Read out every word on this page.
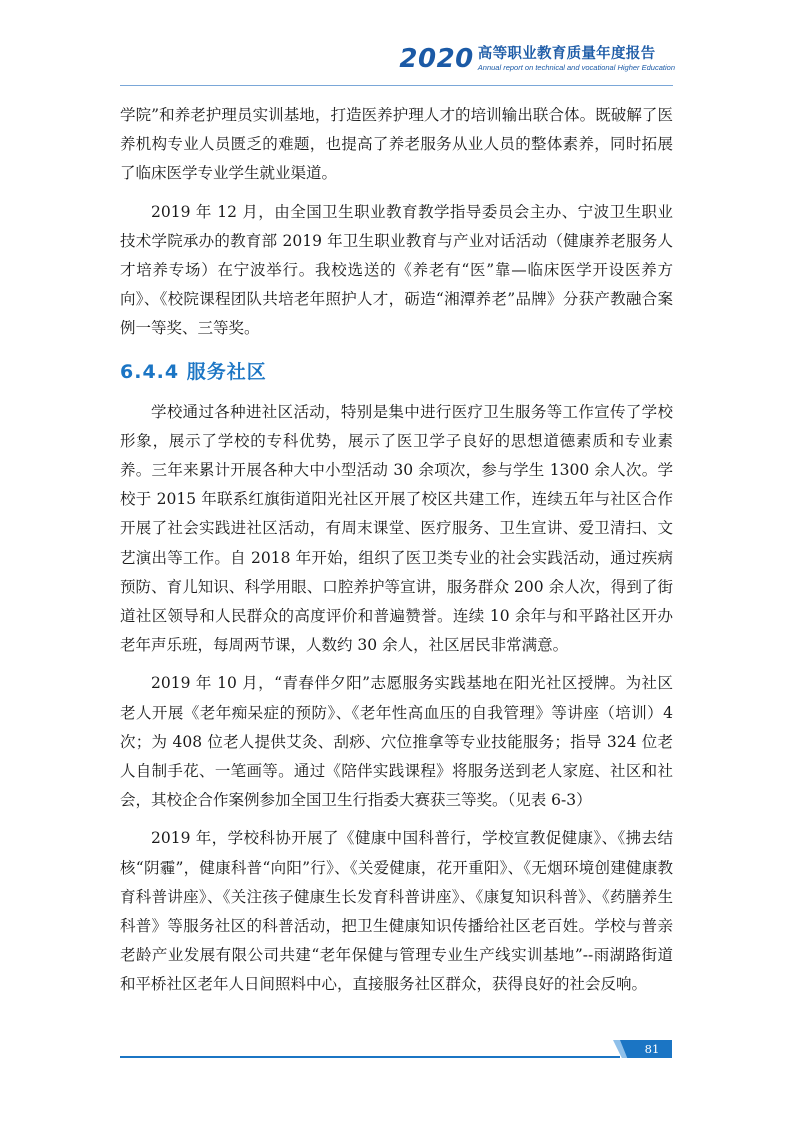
2020 高等职业教育质量年度报告
Annual report on technical and vocational Higher Education

学院”和养老护理员实训基地，打造医养护理人才的培训输出联合体。既破解了医养机构专业人员匮乏的难题，也提高了养老服务从业人员的整体素养，同时拓展了临床医学专业学生就业渠道。

2019 年 12 月，由全国卫生职业教育教学指导委员会主办、宁波卫生职业技术学院承办的教育部 2019 年卫生职业教育与产业对话活动（健康养老服务人才培养专场）在宁波举行。我校选送的《养老有“医”靠—临床医学开设医养方向》、《校院课程团队共培老年照护人才，砺造“湘潭养老”品牌》分获产教融合案例一等奖、三等奖。

6.4.4 服务社区

学校通过各种进社区活动，特别是集中进行医疗卫生服务等工作宣传了学校形象，展示了学校的专科优势，展示了医卫学子良好的思想道德素质和专业素养。三年来累计开展各种大中小型活动 30 余项次，参与学生 1300 余人次。学校于 2015 年联系红旗街道阳光社区开展了校区共建工作，连续五年与社区合作开展了社会实践进社区活动，有周末课堂、医疗服务、卫生宣讲、爱卫清扫、文艺演出等工作。自 2018 年开始，组织了医卫类专业的社会实践活动，通过疾病预防、育儿知识、科学用眼、口腔养护等宣讲，服务群众 200 余人次，得到了街道社区领导和人民群众的高度评价和普遍赞誉。连续 10 余年与和平路社区开办老年声乐班，每周两节课，人数约 30 余人，社区居民非常满意。

2019 年 10 月，“青春伴夕阳”志愿服务实践基地在阳光社区授牌。为社区老人开展《老年痴呆症的预防》、《老年性高血压的自我管理》等讲座（培训）4 次；为 408 位老人提供艾灸、刮痧、穴位推拿等专业技能服务；指导 324 位老人自制手花、一笔画等。通过《陪伴实践课程》将服务送到老人家庭、社区和社会，其校企合作案例参加全国卫生行指委大赛获三等奖。（见表 6-3）

2019 年，学校科协开展了《健康中国科普行，学校宣教促健康》、《拂去结核“阴霾”，健康科普“向阳”行》、《关爱健康，花开重阳》、《无烟环境创建健康教育科普讲座》、《关注孩子健康生长发育科普讲座》、《康复知识科普》、《药膳养生科普》等服务社区的科普活动，把卫生健康知识传播给社区老百姓。学校与普亲老龄产业发展有限公司共建“老年保健与管理专业生产线实训基地”--雨湖路街道和平桥社区老年人日间照料中心，直接服务社区群众，获得良好的社会反响。

81
